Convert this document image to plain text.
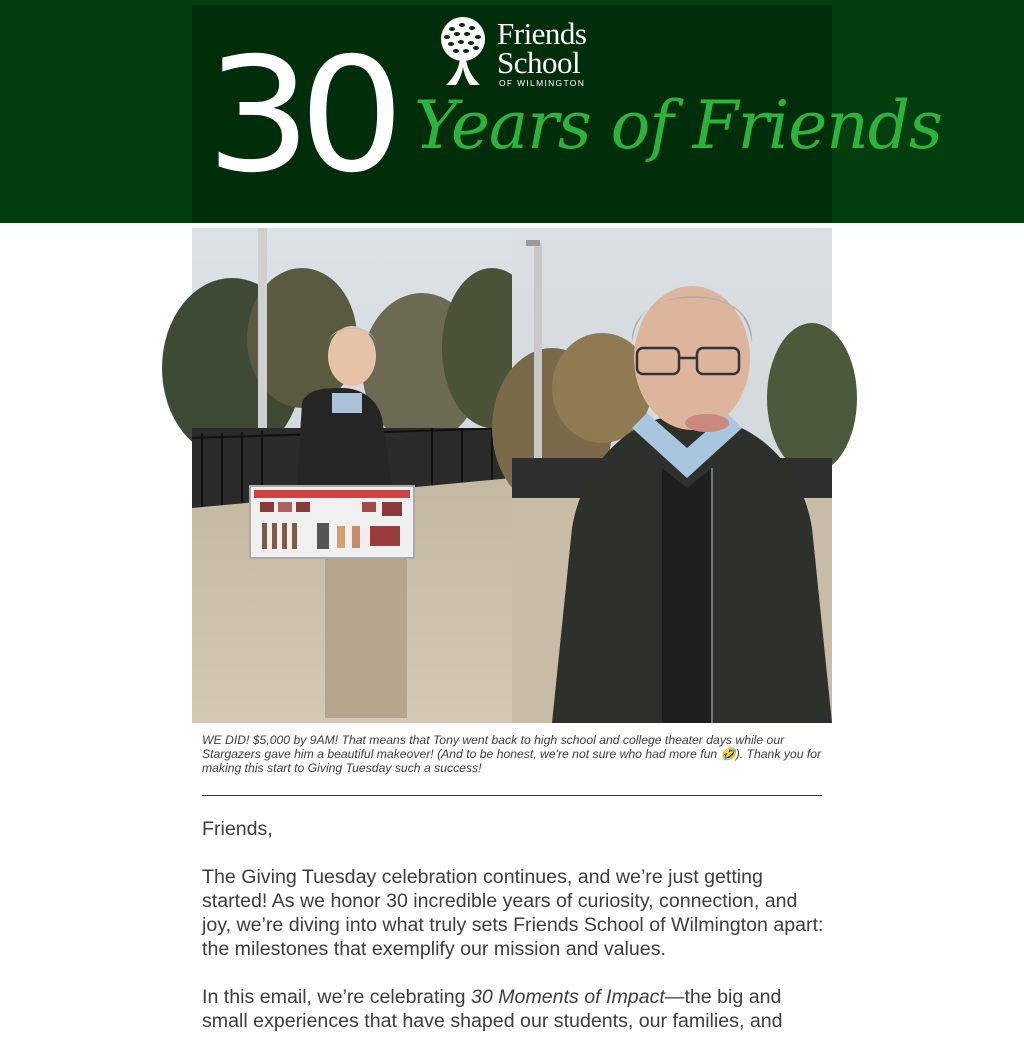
Friends
School
OF WILMINGTON
30 Years of Friends
WE DID! $5,000 by 9AM! That means that Tony went back to high school and college theater days while our Stargazers gave him a beautiful makeover! (And to be honest, we're not sure who had more fun 🤣). Thank you for making this start to Giving Tuesday such a success!

Friends,

The Giving Tuesday celebration continues, and we’re just getting started! As we honor 30 incredible years of curiosity, connection, and joy, we’re diving into what truly sets Friends School of Wilmington apart: the milestones that exemplify our mission and values.

In this email, we’re celebrating 30 Moments of Impact—the big and small experiences that have shaped our students, our families, and
